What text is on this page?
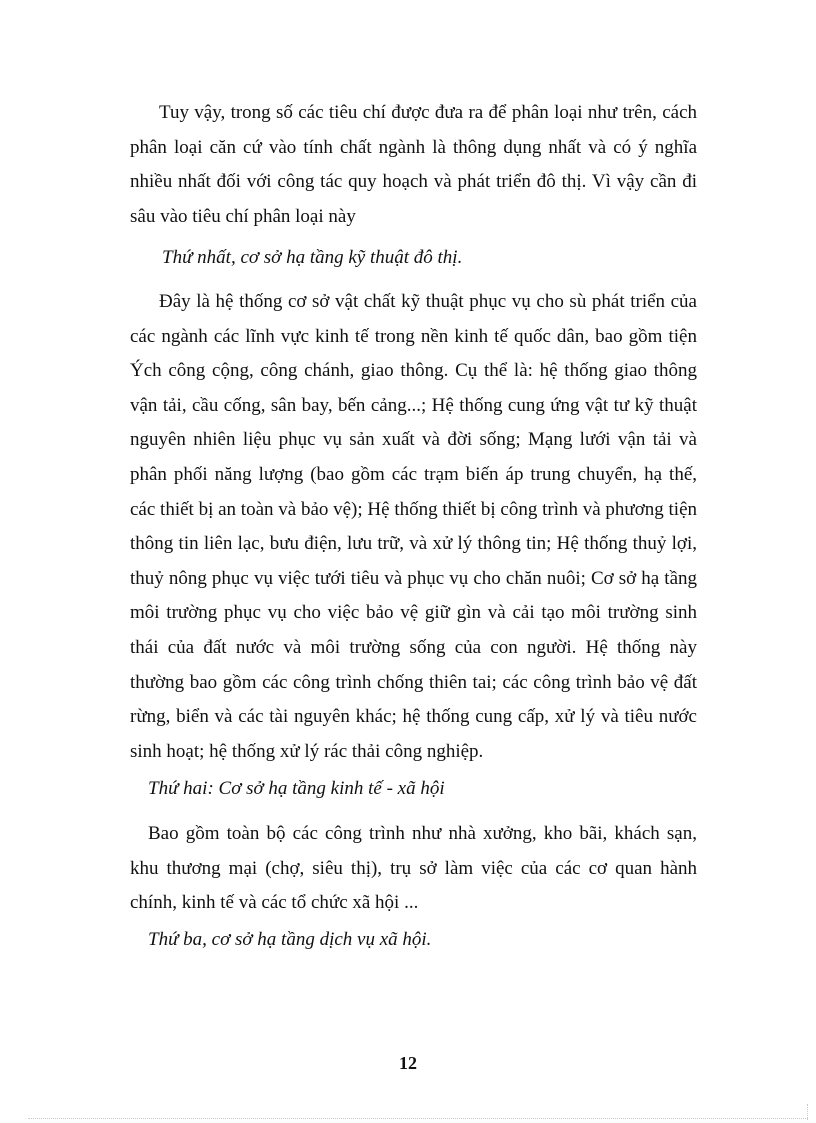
Tuy vậy, trong số các tiêu chí được đưa ra để phân loại như trên, cách phân loại căn cứ vào tính chất ngành là thông dụng nhất và có ý nghĩa nhiều nhất đối với công tác quy hoạch và phát triển đô thị. Vì vậy cần đi sâu vào tiêu chí phân loại này

Thứ nhất, cơ sở hạ tầng kỹ thuật đô thị.

Đây là hệ thống cơ sở vật chất kỹ thuật phục vụ cho sù phát triển của các ngành các lĩnh vực kinh tế trong nền kinh tế quốc dân, bao gồm tiện Ých công cộng, công chánh, giao thông. Cụ thể là: hệ thống giao thông vận tải, cầu cống, sân bay, bến cảng...; Hệ thống cung ứng vật tư kỹ thuật nguyên nhiên liệu phục vụ sản xuất và đời sống; Mạng lưới vận tải và phân phối năng lượng (bao gồm các trạm biến áp trung chuyển, hạ thế, các thiết bị an toàn và bảo vệ); Hệ thống thiết bị công trình và phương tiện thông tin liên lạc, bưu điện, lưu trữ, và xử lý thông tin; Hệ thống thuỷ lợi, thuỷ nông phục vụ việc tưới tiêu và phục vụ cho chăn nuôi; Cơ sở hạ tầng môi trường phục vụ cho việc bảo vệ giữ gìn và cải tạo môi trường sinh thái của đất nước và môi trường sống của con người. Hệ thống này thường bao gồm các công trình chống thiên tai; các công trình bảo vệ đất rừng, biển và các tài nguyên khác; hệ thống cung cấp, xử lý và tiêu nước sinh hoạt; hệ thống xử lý rác thải công nghiệp.

Thứ hai: Cơ sở hạ tầng kinh tế - xã hội

Bao gồm toàn bộ các công trình như nhà xưởng, kho bãi, khách sạn, khu thương mại (chợ, siêu thị), trụ sở làm việc của các cơ quan hành chính, kinh tế và các tổ chức xã hội ...

Thứ ba, cơ sở hạ tầng dịch vụ xã hội.

12
